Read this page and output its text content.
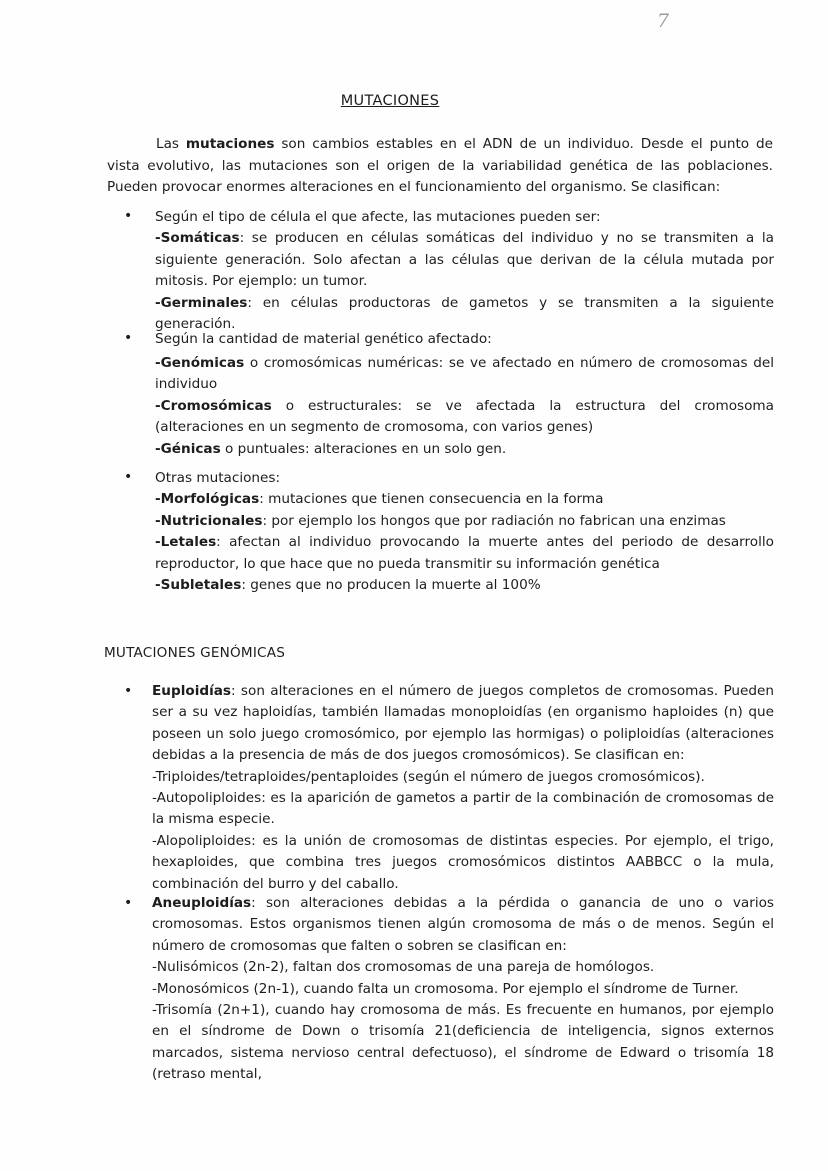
7
MUTACIONES

Las mutaciones son cambios estables en el ADN de un individuo. Desde el punto de vista evolutivo, las mutaciones son el origen de la variabilidad genética de las poblaciones. Pueden provocar enormes alteraciones en el funcionamiento del organismo. Se clasifican:

• Según el tipo de célula el que afecte, las mutaciones pueden ser:

-Somáticas: se producen en células somáticas del individuo y no se transmiten a la siguiente generación. Solo afectan a las células que derivan de la célula mutada por mitosis. Por ejemplo: un tumor.

-Germinales: en células productoras de gametos y se transmiten a la siguiente generación.

• Según la cantidad de material genético afectado:

-Genómicas o cromosómicas numéricas: se ve afectado en número de cromosomas del individuo

-Cromosómicas o estructurales: se ve afectada la estructura del cromosoma (alteraciones en un segmento de cromosoma, con varios genes)

-Génicas o puntuales: alteraciones en un solo gen.

• Otras mutaciones:

-Morfológicas: mutaciones que tienen consecuencia en la forma

-Nutricionales: por ejemplo los hongos que por radiación no fabrican una enzimas

-Letales: afectan al individuo provocando la muerte antes del periodo de desarrollo reproductor, lo que hace que no pueda transmitir su información genética

-Subletales: genes que no producen la muerte al 100%

MUTACIONES GENÓMICAS

• Euploidías: son alteraciones en el número de juegos completos de cromosomas. Pueden ser a su vez haploidías, también llamadas monoploidías (en organismo haploides (n) que poseen un solo juego cromosómico, por ejemplo las hormigas) o poliploidías (alteraciones debidas a la presencia de más de dos juegos cromosómicos). Se clasifican en:

-Triploides/tetraploides/pentaploides (según el número de juegos cromosómicos).

-Autopoliploides: es la aparición de gametos a partir de la combinación de cromosomas de la misma especie.

-Alopoliploides: es la unión de cromosomas de distintas especies. Por ejemplo, el trigo, hexaploides, que combina tres juegos cromosómicos distintos AABBCC o la mula, combinación del burro y del caballo.

• Aneuploidías: son alteraciones debidas a la pérdida o ganancia de uno o varios cromosomas. Estos organismos tienen algún cromosoma de más o de menos. Según el número de cromosomas que falten o sobren se clasifican en:

-Nulisómicos (2n-2), faltan dos cromosomas de una pareja de homólogos.

-Monosómicos (2n-1), cuando falta un cromosoma. Por ejemplo el síndrome de Turner.

-Trisomía (2n+1), cuando hay cromosoma de más. Es frecuente en humanos, por ejemplo en el síndrome de Down o trisomía 21(deficiencia de inteligencia, signos externos marcados, sistema nervioso central defectuoso), el síndrome de Edward o trisomía 18 (retraso mental,
